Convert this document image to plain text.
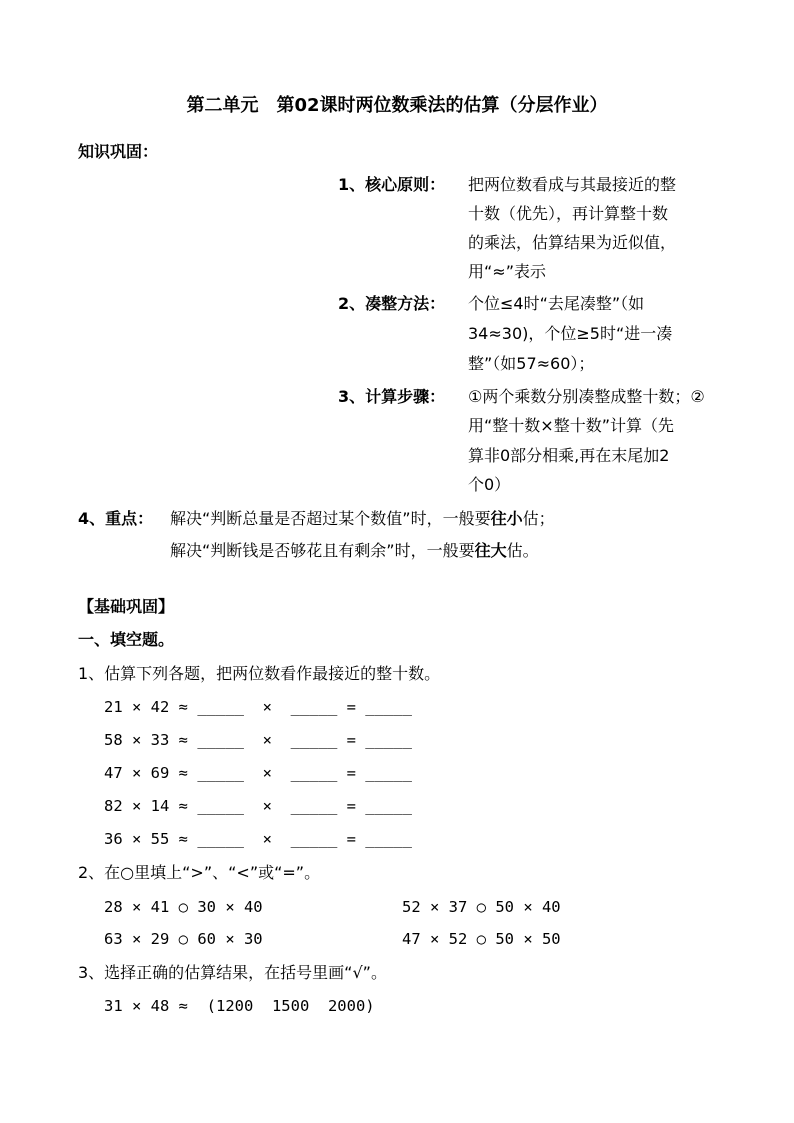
第二单元　第02课时两位数乘法的估算（分层作业）
知识巩固：
1、核心原则： 把两位数看成与其最接近的整
十数（优先），再计算整十数
的乘法，估算结果为近似值，
用“≈”表示
2、凑整方法： 个位≤4时“去尾凑整”（如
34≈30)，个位≥5时“进一凑
整”（如57≈60）；
3、计算步骤： ①两个乘数分别凑整成整十数；②
用“整十数×整十数”计算（先
算非0部分相乘,再在末尾加2
个0）
4、重点： 解决“判断总量是否超过某个数值”时，一般要往小估；
解决“判断钱是否够花且有剩余”时，一般要往大估。
【基础巩固】
一、填空题。
1、估算下列各题，把两位数看作最接近的整十数。
21 × 42 ≈ _____  ×  _____ = _____
58 × 33 ≈ _____  ×  _____ = _____
47 × 69 ≈ _____  ×  _____ = _____
82 × 14 ≈ _____  ×  _____ = _____
36 × 55 ≈ _____  ×  _____ = _____
2、在○里填上“>”、“<”或“=”。
28 × 41 ○ 30 × 40	52 × 37 ○ 50 × 40
63 × 29 ○ 60 × 30	47 × 52 ○ 50 × 50
3、选择正确的估算结果，在括号里画“√”。
31 × 48 ≈  (1200  1500  2000)
